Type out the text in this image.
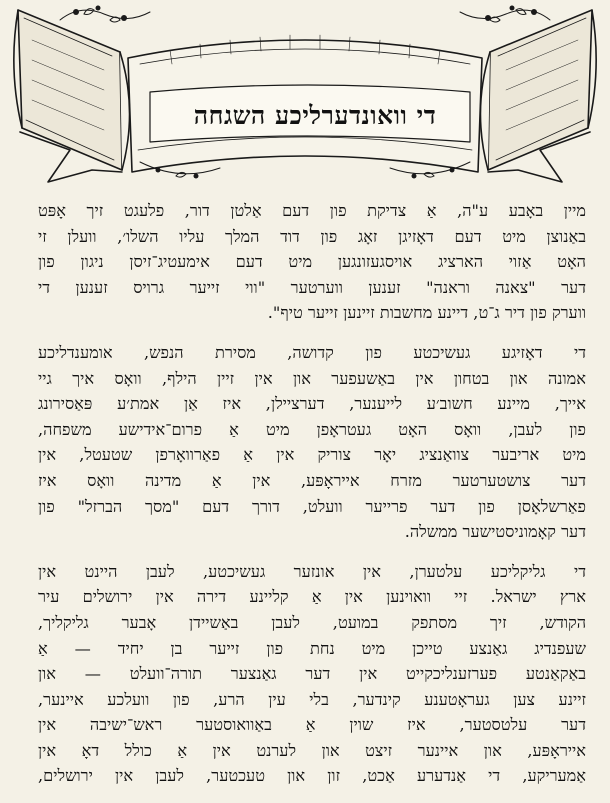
די וואונדערליכע השגחה

מיין באָבע ע"ה, אַ צדיקת פון דעם אַלטן דור, פלעגט זיך אָפּט
באַנוצן מיט דעם דאָזיגן זאָג פון דוד המלך עליו השלו׳, וועלן זי
האָט אַזוי הארציג אויסגעזונגען מיט דעם אימעטיג־זיסן ניגון פון
דער "צאנה וראנה" זענען ווערטער "ווי זייער גרויס זענען די
ווערק פון דיר ג־ט, דיינע מחשבות זיינען זייער טיף".

די דאָזיגע געשיכטע פון קדושה, מסירת הנפש, אומענדליכע
אמונה און בטחון אין באַשעפער און אין זיין הילף, וואָס איך גיי
אייך, מיינע חשוב׳ע לייענער, דערציילן, איז אַן אמת׳ע פּאַסירונג
פון לעבן, וואָס האָט געטראָפן מיט אַ פרום־אידישע משפחה,
מיט אריבער צוואַנציג יאָר צוריק אין אַ פאַרוואָרפן שטעטל, אין
דער צושטערטער מזרח אייראָפּע, אין אַ מדינה וואָס איז
פאַרשלאָסן פון דער פרייער וועלט, דורך דעם "מסך הברזל" פון
דער קאָמוניסטישער ממשלה.

די גליקליכע עלטערן, אין אונזער געשיכטע, לעבן היינט אין
ארץ ישראל. זיי וואוינען אין אַ קליינע דירה אין ירושלים עיר
הקודש, זיך מסתפק במועט, לעבן באַשיידן אָבער גליקליך,
שעפנדיג גאַנצע טייכן מיט נחת פון זייער בן יחיד — אַ
באַקאַנטע פערזענליכקייט אין דער גאַנצער תורה־וועלט — און
זיינע צען געראָטענע קינדער, בלי עין הרע, פון וועלכע איינער,
דער עלטסטער, איז שוין אַ באַוואוסטער ראש־ישיבה אין
אייראָפּע, און איינער זיצט און לערנט אין אַ כולל דאָ אין
אַמעריקע, די אַנדערע אַכט, זון און טעכטער, לעבן אין ירושלים,
